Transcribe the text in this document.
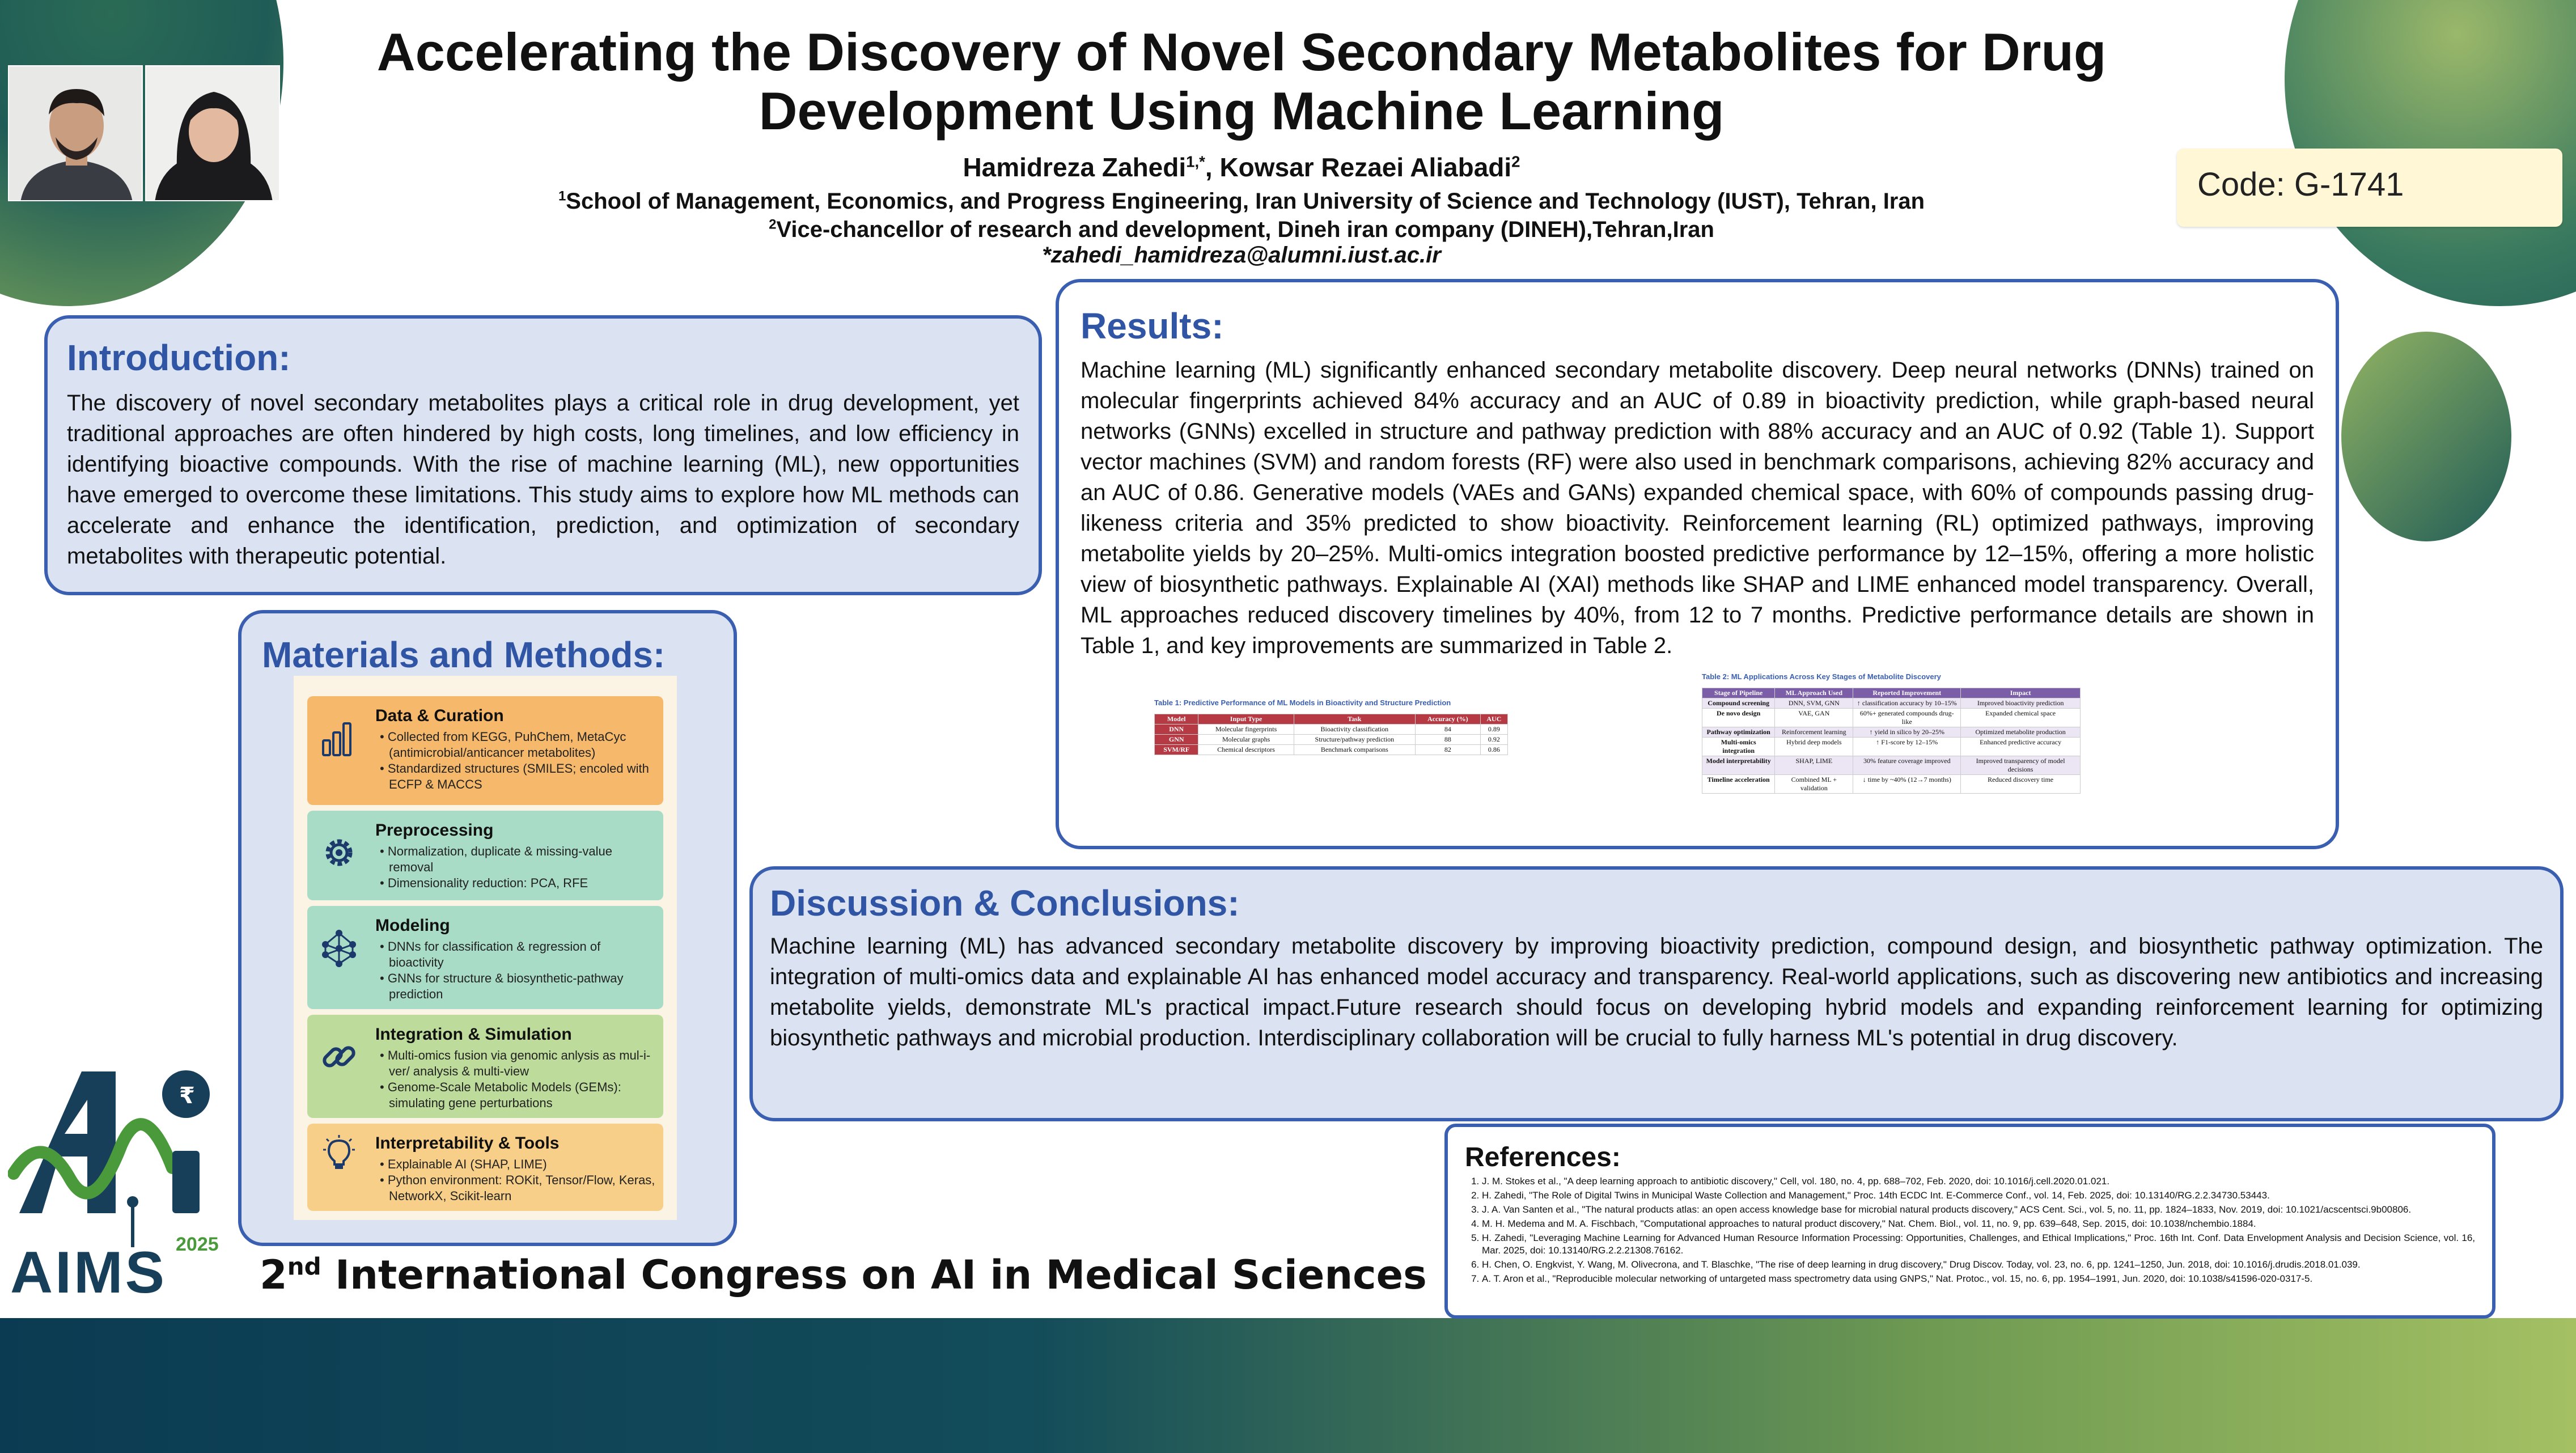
Accelerating the Discovery of Novel Secondary Metabolites for Drug
Development Using Machine Learning
Hamidreza Zahedi$^{1,*}$, Kowsar Rezaei Aliabadi$^2$
$^1$School of Management, Economics, and Progress Engineering, Iran University of Science and Technology (IUST), Tehran, Iran
$^2$Vice-chancellor of research and development, Dineh iran company (DINEH),Tehran,Iran
*zahedi_hamidreza@alumni.iust.ac.ir
Code: G-1741
Introduction:
The discovery of novel secondary metabolites plays a critical role in drug development, yet traditional approaches are often hindered by high costs, long timelines, and low efficiency in identifying bioactive compounds. With the rise of machine learning (ML), new opportunities have emerged to overcome these limitations. This study aims to explore how ML methods can accelerate and enhance the identification, prediction, and optimization of secondary metabolites with therapeutic potential.
Materials and Methods:
Data & Curation
• Collected from KEGG, PuhChem, MetaCyc (antimicrobial/anticancer metabolites)
• Standardized structures (SMILES; encoled with ECFP & MACCS
Preprocessing
• Normalization, duplicate & missing-value removal
• Dimensionality reduction: PCA, RFE
Modeling
• DNNs for classification & regression of bioactivity
• GNNs for structure & biosynthetic-pathway prediction
Integration & Simulation
• Multi-omics fusion via genomic anlysis as mul-i-ver/ analysis & multi-view
• Genome-Scale Metabolic Models (GEMs): simulating gene perturbations
Interpretability & Tools
• Explainable AI (SHAP, LIME)
• Python environment: ROKit, Tensor/Flow, Keras, NetworkX, Scikit-learn
Results:
Machine learning (ML) significantly enhanced secondary metabolite discovery. Deep neural networks (DNNs) trained on molecular fingerprints achieved 84% accuracy and an AUC of 0.89 in bioactivity prediction, while graph-based neural networks (GNNs) excelled in structure and pathway prediction with 88% accuracy and an AUC of 0.92 (Table 1). Support vector machines (SVM) and random forests (RF) were also used in benchmark comparisons, achieving 82% accuracy and an AUC of 0.86. Generative models (VAEs and GANs) expanded chemical space, with 60% of compounds passing drug-likeness criteria and 35% predicted to show bioactivity. Reinforcement learning (RL) optimized pathways, improving metabolite yields by 20–25%. Multi-omics integration boosted predictive performance by 12–15%, offering a more holistic view of biosynthetic pathways. Explainable AI (XAI) methods like SHAP and LIME enhanced model transparency. Overall, ML approaches reduced discovery timelines by 40%, from 12 to 7 months. Predictive performance details are shown in Table 1, and key improvements are summarized in Table 2.
Table 1: Predictive Performance of ML Models in Bioactivity and Structure Prediction
Model	Input Type	Task	Accuracy (%)	AUC
DNN	Molecular fingerprints	Bioactivity classification	84	0.89
GNN	Molecular graphs	Structure/pathway prediction	88	0.92
SVM/RF	Chemical descriptors	Benchmark comparisons	82	0.86
Table 2: ML Applications Across Key Stages of Metabolite Discovery
Stage of Pipeline	ML Approach Used	Reported Improvement	Impact
Compound screening	DNN, SVM, GNN	↑ classification accuracy by 10–15%	Improved bioactivity prediction
De novo design	VAE, GAN	60%+ generated compounds drug-like	Expanded chemical space
Pathway optimization	Reinforcement learning	↑ yield in silico by 20–25%	Optimized metabolite production
Multi-omics integration	Hybrid deep models	↑ F1-score by 12–15%	Enhanced predictive accuracy
Model interpretability	SHAP, LIME	30% feature coverage improved	Improved transparency of model decisions
Timeline acceleration	Combined ML + validation	↓ time by ~40% (12→7 months)	Reduced discovery time
Discussion & Conclusions:
Machine learning (ML) has advanced secondary metabolite discovery by improving bioactivity prediction, compound design, and biosynthetic pathway optimization. The integration of multi-omics data and explainable AI has enhanced model accuracy and transparency. Real-world applications, such as discovering new antibiotics and increasing metabolite yields, demonstrate ML's practical impact.Future research should focus on developing hybrid models and expanding reinforcement learning for optimizing biosynthetic pathways and microbial production. Interdisciplinary collaboration will be crucial to fully harness ML's potential in drug discovery.
References:
1. J. M. Stokes et al., "A deep learning approach to antibiotic discovery," Cell, vol. 180, no. 4, pp. 688–702, Feb. 2020, doi: 10.1016/j.cell.2020.01.021.
2. H. Zahedi, "The Role of Digital Twins in Municipal Waste Collection and Management," Proc. 14th ECDC Int. E-Commerce Conf., vol. 14, Feb. 2025, doi: 10.13140/RG.2.2.34730.53443.
3. J. A. Van Santen et al., "The natural products atlas: an open access knowledge base for microbial natural products discovery," ACS Cent. Sci., vol. 5, no. 11, pp. 1824–1833, Nov. 2019, doi: 10.1021/acscentsci.9b00806.
4. M. H. Medema and M. A. Fischbach, "Computational approaches to natural product discovery," Nat. Chem. Biol., vol. 11, no. 9, pp. 639–648, Sep. 2015, doi: 10.1038/nchembio.1884.
5. H. Zahedi, "Leveraging Machine Learning for Advanced Human Resource Information Processing: Opportunities, Challenges, and Ethical Implications," Proc. 16th Int. Conf. Data Envelopment Analysis and Decision Science, vol. 16, Mar. 2025, doi: 10.13140/RG.2.2.21308.76162.
6. H. Chen, O. Engkvist, Y. Wang, M. Olivecrona, and T. Blaschke, "The rise of deep learning in drug discovery," Drug Discov. Today, vol. 23, no. 6, pp. 1241–1250, Jun. 2018, doi: 10.1016/j.drudis.2018.01.039.
7. A. T. Aron et al., "Reproducible molecular networking of untargeted mass spectrometry data using GNPS," Nat. Protoc., vol. 15, no. 6, pp. 1954–1991, Jun. 2020, doi: 10.1038/s41596-020-0317-5.
₹
AIMS 2025
2nd International Congress on AI in Medical Sciences
